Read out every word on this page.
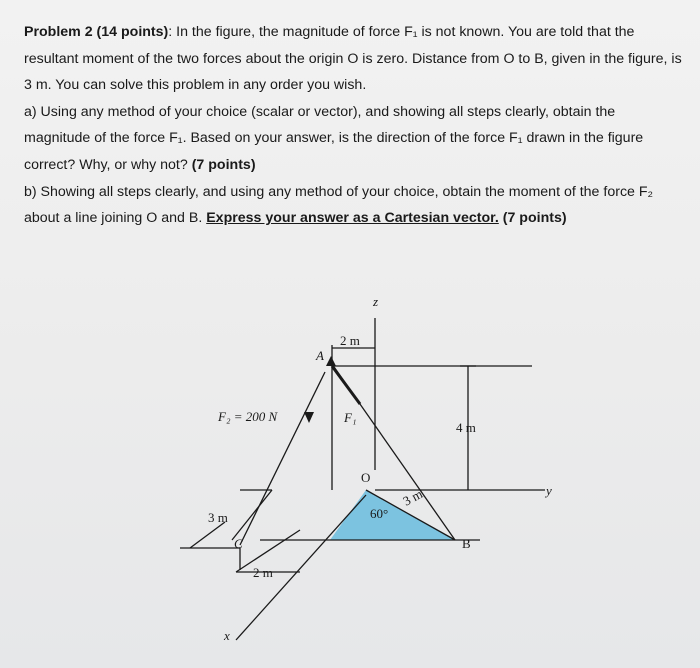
Problem 2 (14 points): In the figure, the magnitude of force F₁ is not known. You are told that the resultant moment of the two forces about the origin O is zero. Distance from O to B, given in the figure, is 3 m. You can solve this problem in any order you wish.

a) Using any method of your choice (scalar or vector), and showing all steps clearly, obtain the magnitude of the force F₁. Based on your answer, is the direction of the force F₁ drawn in the figure correct? Why, or why not? (7 points)

b) Showing all steps clearly, and using any method of your choice, obtain the moment of the force F₂ about a line joining O and B. Express your answer as a Cartesian vector. (7 points)

z
y
x
A
B
C
O
F₁
F₂ = 200 N
2 m
4 m
3 m
2 m
3 m
60°
